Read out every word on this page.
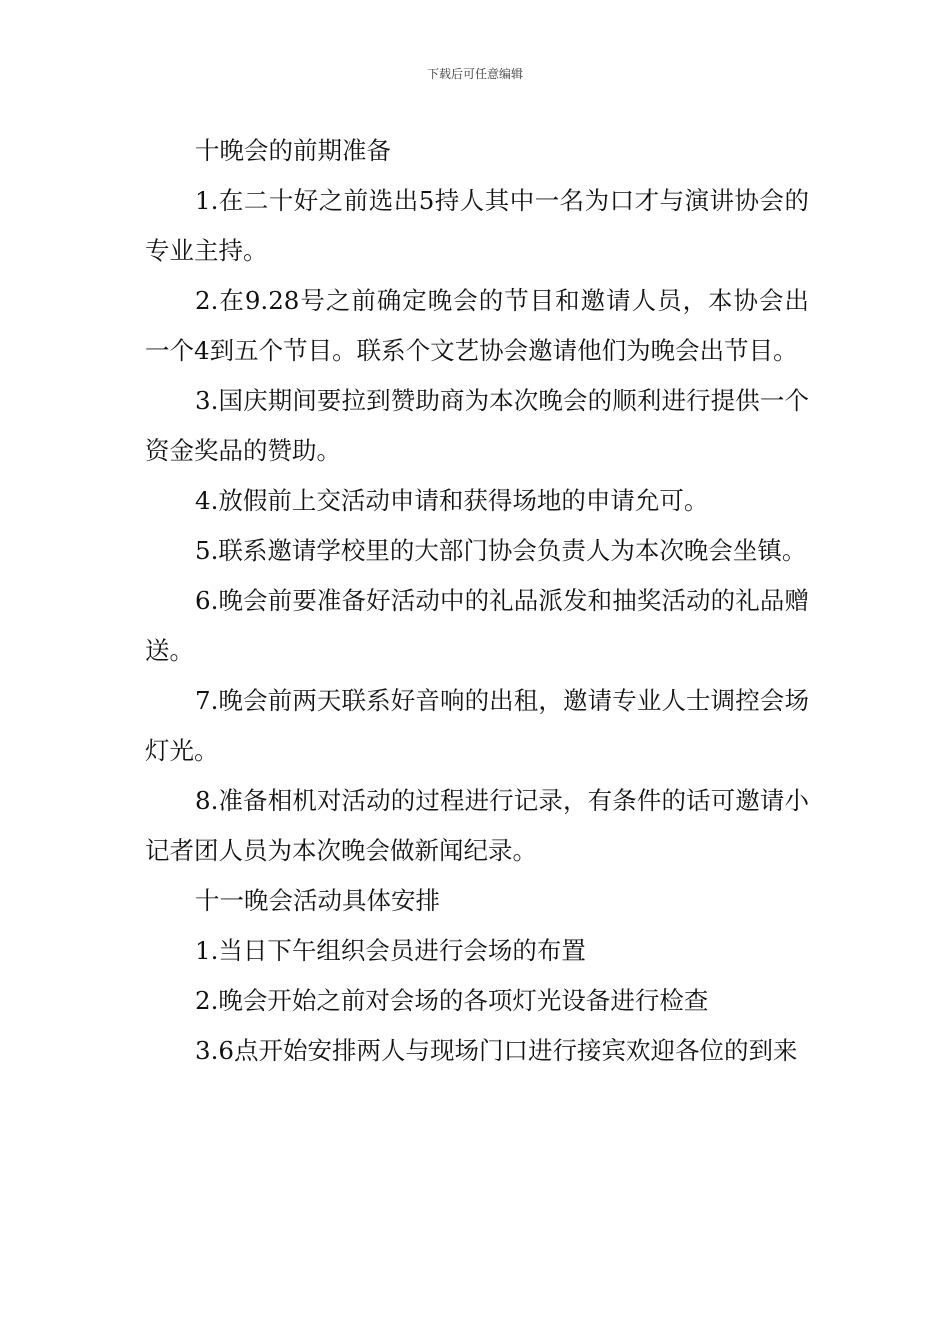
下载后可任意编辑

十晚会的前期准备

1.在二十好之前选出5持人其中一名为口才与演讲协会的专业主持。

2.在9.28号之前确定晚会的节目和邀请人员，本协会出一个4到五个节目。联系个文艺协会邀请他们为晚会出节目。

3.国庆期间要拉到赞助商为本次晚会的顺利进行提供一个资金奖品的赞助。

4.放假前上交活动申请和获得场地的申请允可。

5.联系邀请学校里的大部门协会负责人为本次晚会坐镇。

6.晚会前要准备好活动中的礼品派发和抽奖活动的礼品赠送。

7.晚会前两天联系好音响的出租，邀请专业人士调控会场灯光。

8.准备相机对活动的过程进行记录，有条件的话可邀请小记者团人员为本次晚会做新闻纪录。

十一晚会活动具体安排

1.当日下午组织会员进行会场的布置

2.晚会开始之前对会场的各项灯光设备进行检查

3.6点开始安排两人与现场门口进行接宾欢迎各位的到来
